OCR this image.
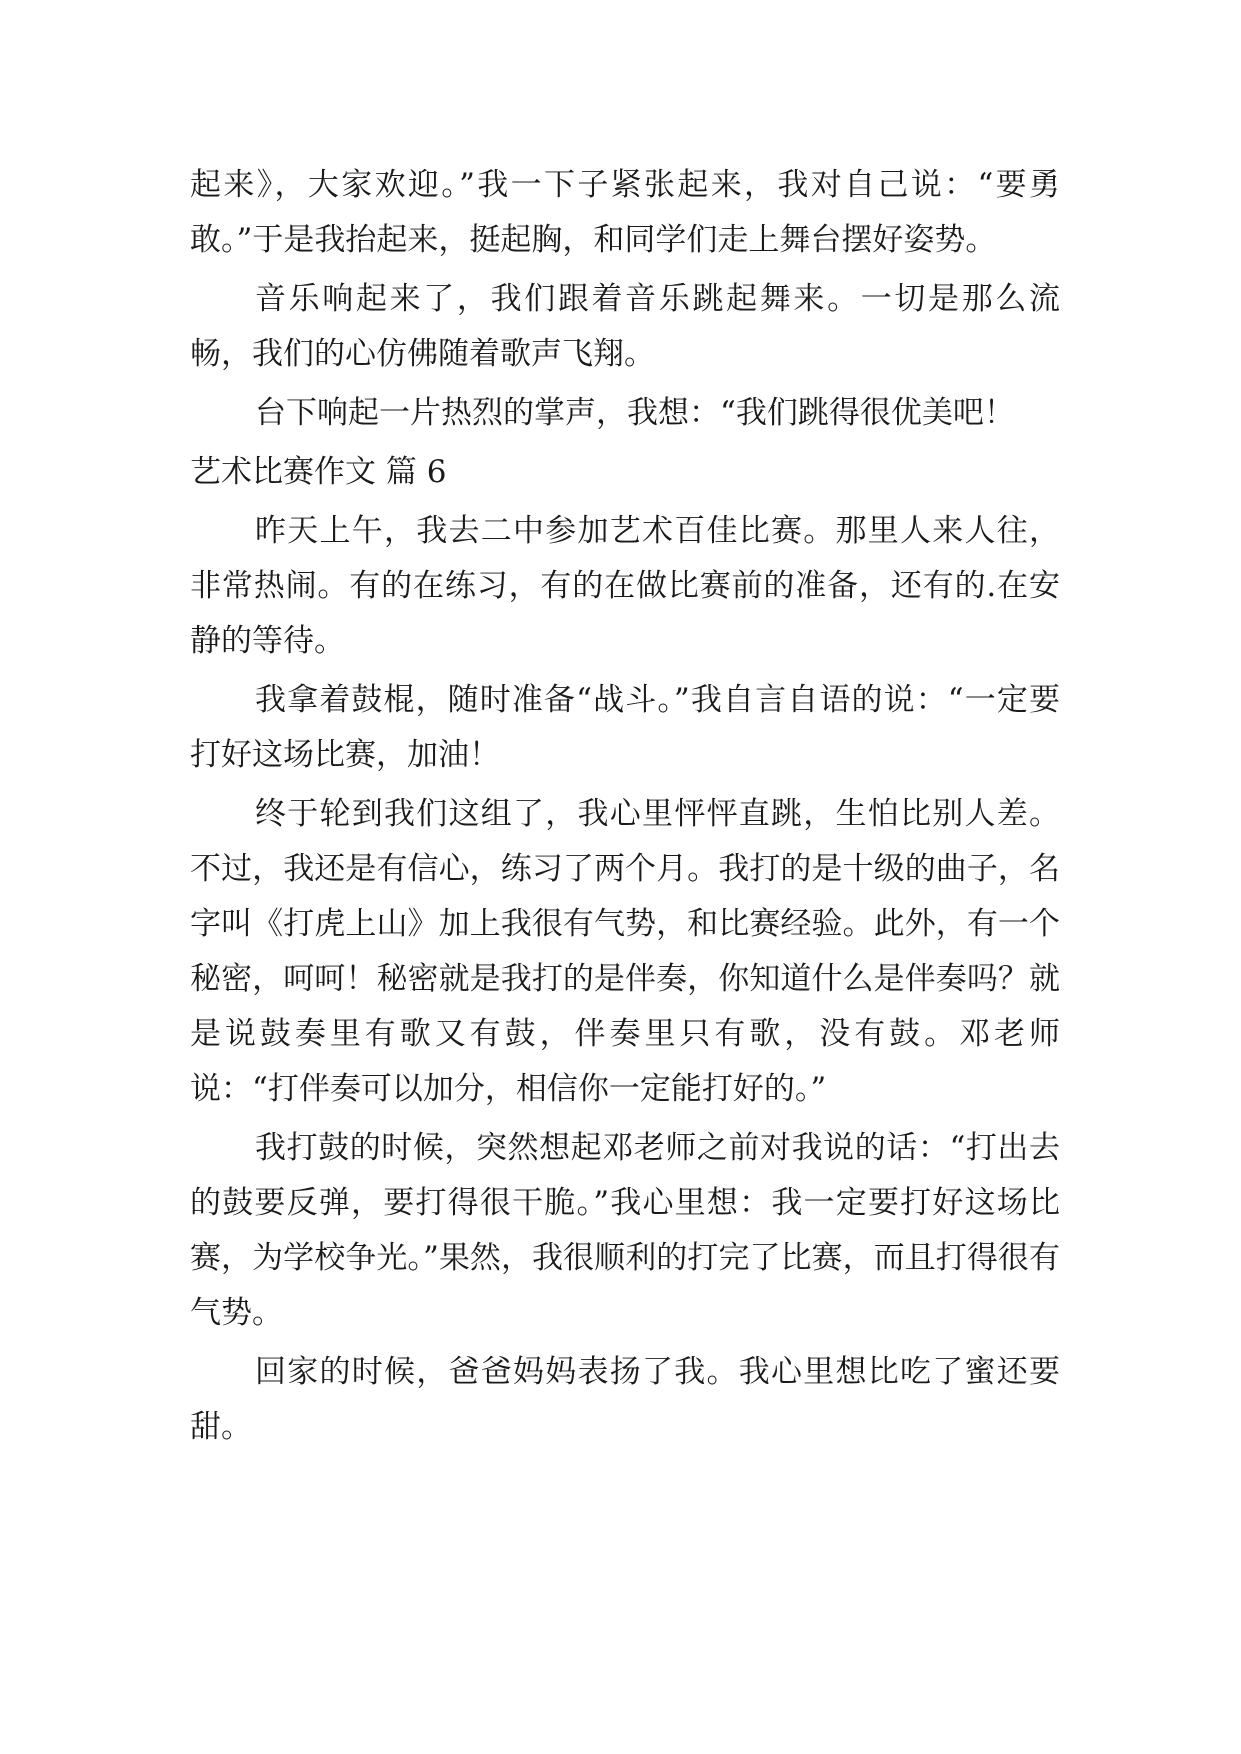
起来》，大家欢迎。”我一下子紧张起来，我对自己说：“要勇敢。”于是我抬起来，挺起胸，和同学们走上舞台摆好姿势。

音乐响起来了，我们跟着音乐跳起舞来。一切是那么流畅，我们的心仿佛随着歌声飞翔。

台下响起一片热烈的掌声，我想：“我们跳得很优美吧！

艺术比赛作文 篇 6

昨天上午，我去二中参加艺术百佳比赛。那里人来人往，非常热闹。有的在练习，有的在做比赛前的准备，还有的.在安静的等待。

我拿着鼓棍，随时准备“战斗。”我自言自语的说：“一定要打好这场比赛，加油！

终于轮到我们这组了，我心里怦怦直跳，生怕比别人差。不过，我还是有信心，练习了两个月。我打的是十级的曲子，名字叫《打虎上山》加上我很有气势，和比赛经验。此外，有一个秘密，呵呵！秘密就是我打的是伴奏，你知道什么是伴奏吗？就是说鼓奏里有歌又有鼓，伴奏里只有歌，没有鼓。邓老师说：“打伴奏可以加分，相信你一定能打好的。”

我打鼓的时候，突然想起邓老师之前对我说的话：“打出去的鼓要反弹，要打得很干脆。”我心里想：我一定要打好这场比赛，为学校争光。”果然，我很顺利的打完了比赛，而且打得很有气势。

回家的时候，爸爸妈妈表扬了我。我心里想比吃了蜜还要甜。
